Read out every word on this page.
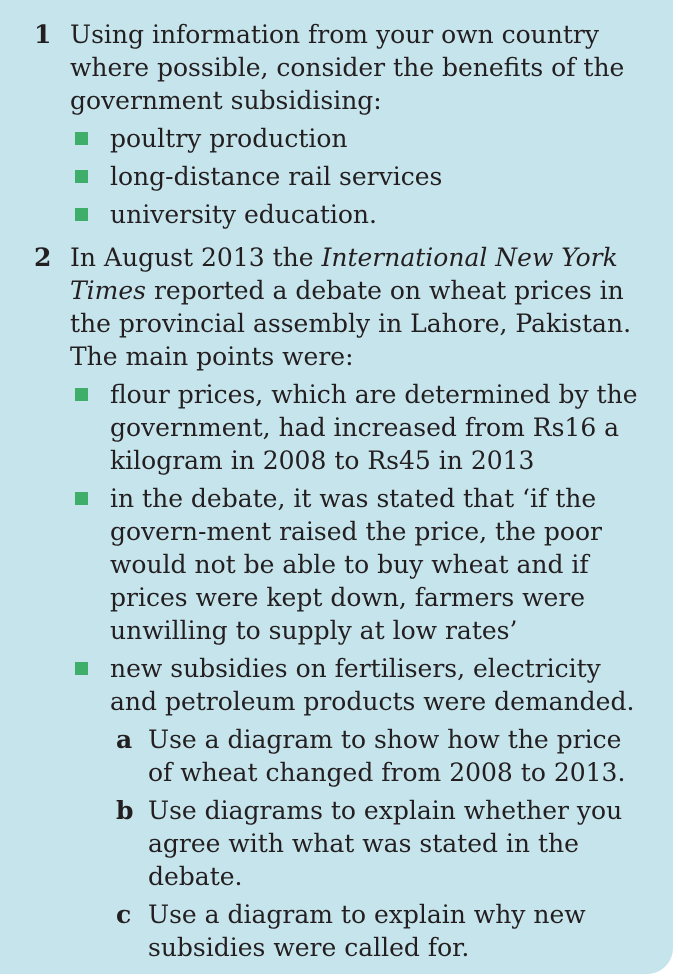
1 Using information from your own country where possible, consider the benefits of the government subsidising:
poultry production
long-distance rail services
university education.
2 In August 2013 the International New York Times reported a debate on wheat prices in the provincial assembly in Lahore, Pakistan. The main points were:
flour prices, which are determined by the government, had increased from Rs16 a kilogram in 2008 to Rs45 in 2013
in the debate, it was stated that ‘if the govern-ment raised the price, the poor would not be able to buy wheat and if prices were kept down, farmers were unwilling to supply at low rates’
new subsidies on fertilisers, electricity and petroleum products were demanded.
a Use a diagram to show how the price of wheat changed from 2008 to 2013.
b Use diagrams to explain whether you agree with what was stated in the debate.
c Use a diagram to explain why new subsidies were called for.
